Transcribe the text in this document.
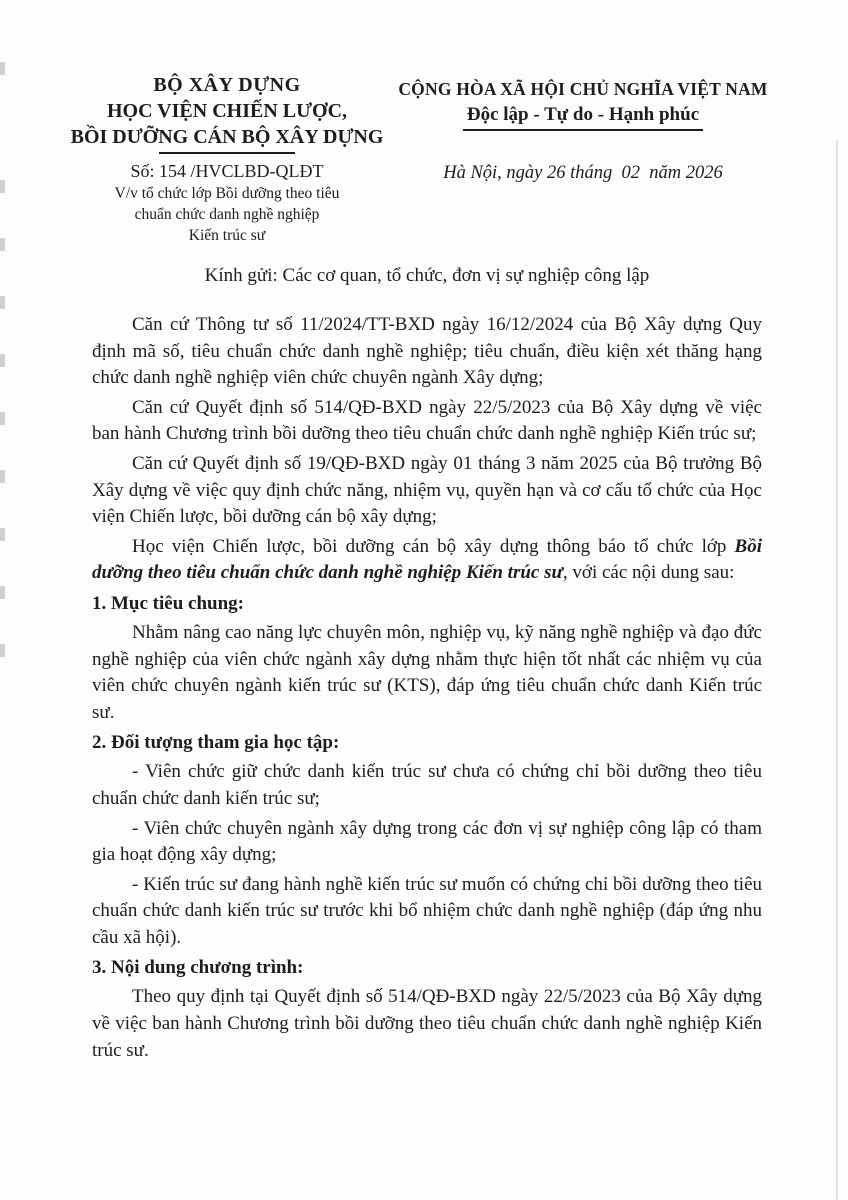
BỘ XÂY DỰNG
HỌC VIỆN CHIẾN LƯỢC,
BỒI DƯỠNG CÁN BỘ XÂY DỰNG
Số: 154 /HVCLBD-QLĐT
V/v tổ chức lớp Bồi dưỡng theo tiêu
chuẩn chức danh nghề nghiệp
Kiến trúc sư
CỘNG HÒA XÃ HỘI CHỦ NGHĨA VIỆT NAM
Độc lập - Tự do - Hạnh phúc
Hà Nội, ngày 26 tháng  02  năm 2026

Kính gửi: Các cơ quan, tổ chức, đơn vị sự nghiệp công lập

Căn cứ Thông tư số 11/2024/TT-BXD ngày 16/12/2024 của Bộ Xây dựng Quy định mã số, tiêu chuẩn chức danh nghề nghiệp; tiêu chuẩn, điều kiện xét thăng hạng chức danh nghề nghiệp viên chức chuyên ngành Xây dựng;

Căn cứ Quyết định số 514/QĐ-BXD ngày 22/5/2023 của Bộ Xây dựng về việc ban hành Chương trình bồi dưỡng theo tiêu chuẩn chức danh nghề nghiệp Kiến trúc sư;

Căn cứ Quyết định số 19/QĐ-BXD ngày 01 tháng 3 năm 2025 của Bộ trưởng Bộ Xây dựng về việc quy định chức năng, nhiệm vụ, quyền hạn và cơ cấu tổ chức của Học viện Chiến lược, bồi dưỡng cán bộ xây dựng;

Học viện Chiến lược, bồi dưỡng cán bộ xây dựng thông báo tổ chức lớp Bồi dưỡng theo tiêu chuẩn chức danh nghề nghiệp Kiến trúc sư, với các nội dung sau:

1. Mục tiêu chung:

Nhằm nâng cao năng lực chuyên môn, nghiệp vụ, kỹ năng nghề nghiệp và đạo đức nghề nghiệp của viên chức ngành xây dựng nhằm thực hiện tốt nhất các nhiệm vụ của viên chức chuyên ngành kiến trúc sư (KTS), đáp ứng tiêu chuẩn chức danh Kiến trúc sư.

2. Đối tượng tham gia học tập:

- Viên chức giữ chức danh kiến trúc sư chưa có chứng chỉ bồi dưỡng theo tiêu chuẩn chức danh kiến trúc sư;

- Viên chức chuyên ngành xây dựng trong các đơn vị sự nghiệp công lập có tham gia hoạt động xây dựng;

- Kiến trúc sư đang hành nghề kiến trúc sư muốn có chứng chỉ bồi dưỡng theo tiêu chuẩn chức danh kiến trúc sư trước khi bổ nhiệm chức danh nghề nghiệp (đáp ứng nhu cầu xã hội).

3. Nội dung chương trình:

Theo quy định tại Quyết định số 514/QĐ-BXD ngày 22/5/2023 của Bộ Xây dựng về việc ban hành Chương trình bồi dưỡng theo tiêu chuẩn chức danh nghề nghiệp Kiến trúc sư.
